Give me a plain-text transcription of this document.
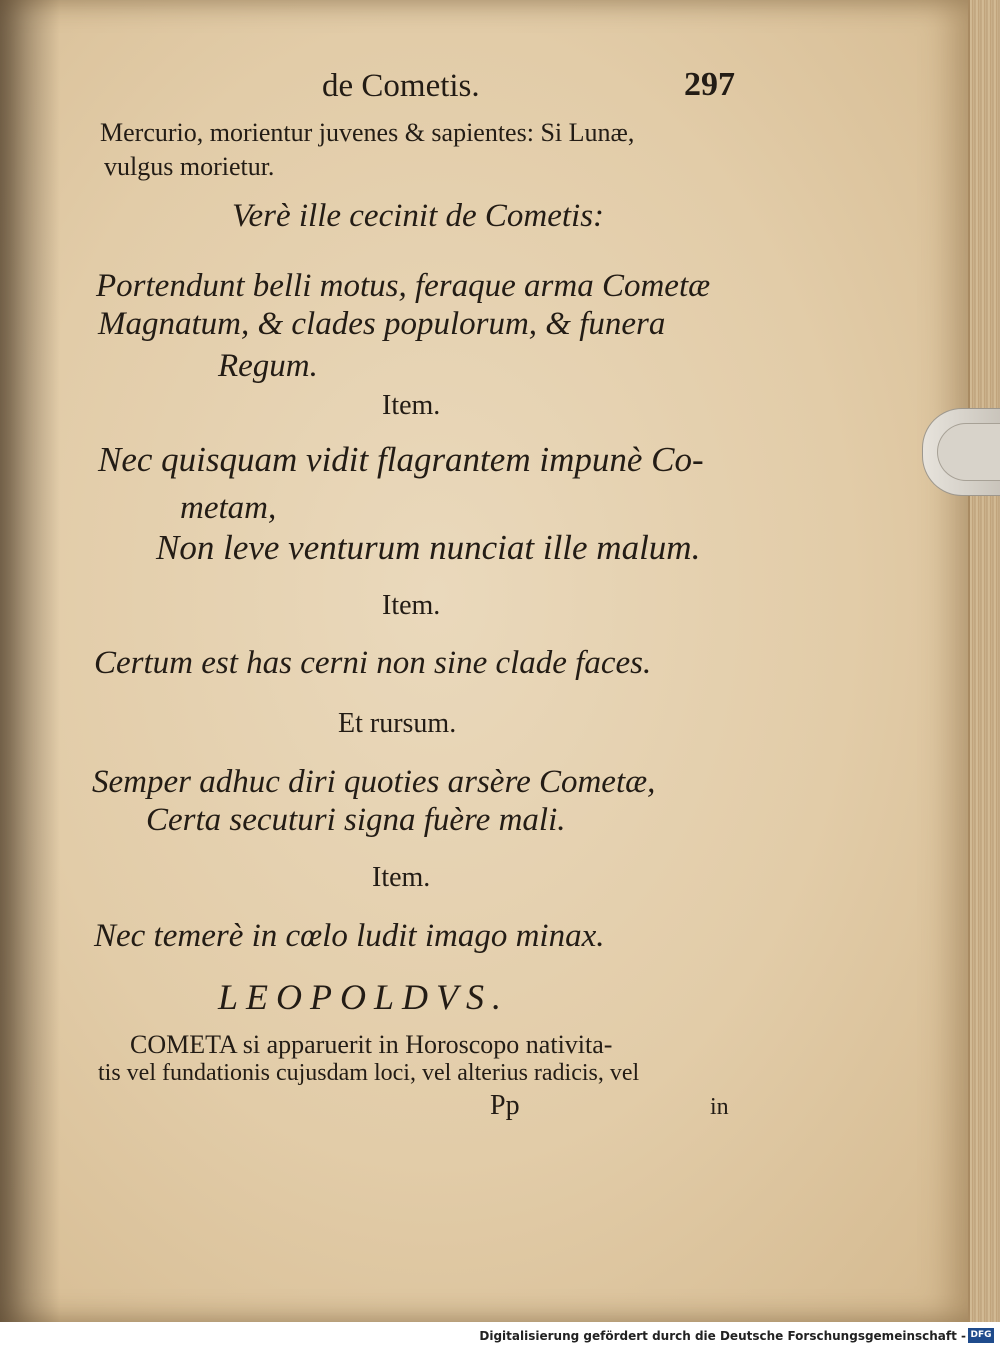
de Cometis.	297
Mercurio, morientur juvenes & sapientes: Si Lunæ,
vulgus morietur.
Verè ille cecinit de Cometis:
Portendunt belli motus, feraque arma Cometæ
Magnatum, & clades populorum, & funera
Regum.
Item.
Nec quisquam vidit flagrantem impunè Co-
metam,
Non leve venturum nunciat ille malum.
Item.
Certum est has cerni non sine clade faces.
Et rursum.
Semper adhuc diri quoties arsère Cometæ,
Certa secuturi signa fuère mali.
Item.
Nec temerè in cœlo ludit imago minax.
LEOPOLDVS.
COMETA si apparuerit in Horoscopo nativita-
tis vel fundationis cujusdam loci, vel alterius radicis, vel
Pp	in
Digitalisierung gefördert durch die Deutsche Forschungsgemeinschaft - DFG
